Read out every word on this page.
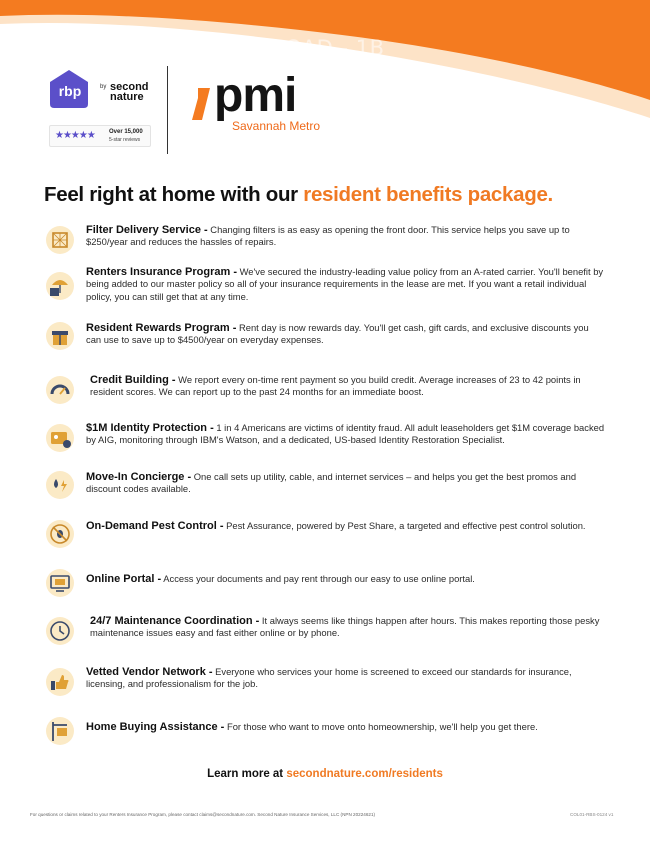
ROAD - 1B
rbp	by second nature
★★★★★ Over 15,000
5-star reviews
pmi
Savannah Metro
Feel right at home with our resident benefits package.
Filter Delivery Service - Changing filters is as easy as opening the front door. This service helps you save up to $250/year and reduces the hassles of repairs.
Renters Insurance Program - We've secured the industry-leading value policy from an A-rated carrier. You'll benefit by being added to our master policy so all of your insurance requirements in the lease are met. If you want a retail individual policy, you can still get that at any time.
Resident Rewards Program - Rent day is now rewards day. You'll get cash, gift cards, and exclusive discounts you can use to save up to $4500/year on everyday expenses.
Credit Building - We report every on-time rent payment so you build credit. Average increases of 23 to 42 points in resident scores. We can report up to the past 24 months for an immediate boost.
$1M Identity Protection - 1 in 4 Americans are victims of identity fraud. All adult leaseholders get $1M coverage backed by AIG, monitoring through IBM's Watson, and a dedicated, US-based Identity Restoration Specialist.
Move-In Concierge - One call sets up utility, cable, and internet services – and helps you get the best promos and discount codes available.
On-Demand Pest Control - Pest Assurance, powered by Pest Share, a targeted and effective pest control solution.
Online Portal - Access your documents and pay rent through our easy to use online portal.
24/7 Maintenance Coordination - It always seems like things happen after hours. This makes reporting those pesky maintenance issues easy and fast either online or by phone.
Vetted Vendor Network - Everyone who services your home is screened to exceed our standards for insurance, licensing, and professionalism for the job.
Home Buying Assistance - For those who want to move onto homeownership, we'll help you get there.
Learn more at secondnature.com/residents
For questions or claims related to your Renters Insurance Program, please contact claims@secondnature.com. Second Nature Insurance Services, LLC (NPN 20224621)	COL01-RBS-0124 v1
